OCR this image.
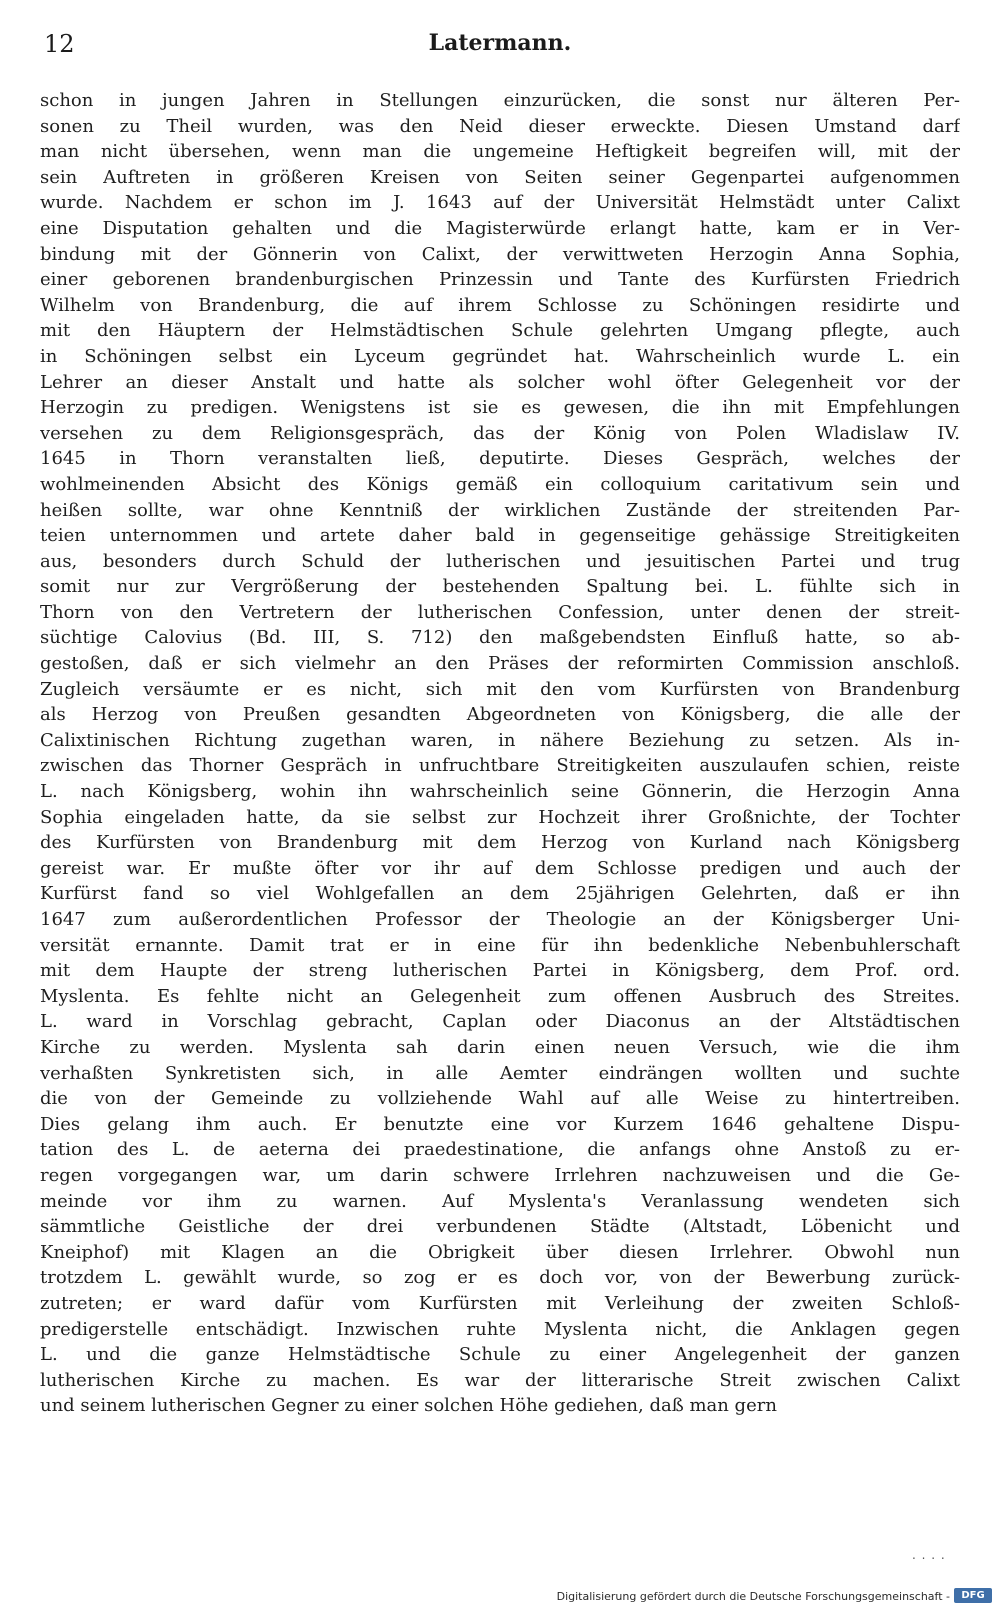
12	Latermann.
schon in jungen Jahren in Stellungen einzurücken, die sonst nur älteren Per-
sonen zu Theil wurden, was den Neid dieser erweckte. Diesen Umstand darf
man nicht übersehen, wenn man die ungemeine Heftigkeit begreifen will, mit der
sein Auftreten in größeren Kreisen von Seiten seiner Gegenpartei aufgenommen
wurde. Nachdem er schon im J. 1643 auf der Universität Helmstädt unter Calixt
eine Disputation gehalten und die Magisterwürde erlangt hatte, kam er in Ver-
bindung mit der Gönnerin von Calixt, der verwittweten Herzogin Anna Sophia,
einer geborenen brandenburgischen Prinzessin und Tante des Kurfürsten Friedrich
Wilhelm von Brandenburg, die auf ihrem Schlosse zu Schöningen residirte und
mit den Häuptern der Helmstädtischen Schule gelehrten Umgang pflegte, auch
in Schöningen selbst ein Lyceum gegründet hat. Wahrscheinlich wurde L. ein
Lehrer an dieser Anstalt und hatte als solcher wohl öfter Gelegenheit vor der
Herzogin zu predigen. Wenigstens ist sie es gewesen, die ihn mit Empfehlungen
versehen zu dem Religionsgespräch, das der König von Polen Wladislaw IV.
1645 in Thorn veranstalten ließ, deputirte. Dieses Gespräch, welches der
wohlmeinenden Absicht des Königs gemäß ein colloquium caritativum sein und
heißen sollte, war ohne Kenntniß der wirklichen Zustände der streitenden Par-
teien unternommen und artete daher bald in gegenseitige gehässige Streitigkeiten
aus, besonders durch Schuld der lutherischen und jesuitischen Partei und trug
somit nur zur Vergrößerung der bestehenden Spaltung bei. L. fühlte sich in
Thorn von den Vertretern der lutherischen Confession, unter denen der streit-
süchtige Calovius (Bd. III, S. 712) den maßgebendsten Einfluß hatte, so ab-
gestoßen, daß er sich vielmehr an den Präses der reformirten Commission anschloß.
Zugleich versäumte er es nicht, sich mit den vom Kurfürsten von Brandenburg
als Herzog von Preußen gesandten Abgeordneten von Königsberg, die alle der
Calixtinischen Richtung zugethan waren, in nähere Beziehung zu setzen. Als in-
zwischen das Thorner Gespräch in unfruchtbare Streitigkeiten auszulaufen schien, reiste
L. nach Königsberg, wohin ihn wahrscheinlich seine Gönnerin, die Herzogin Anna
Sophia eingeladen hatte, da sie selbst zur Hochzeit ihrer Großnichte, der Tochter
des Kurfürsten von Brandenburg mit dem Herzog von Kurland nach Königsberg
gereist war. Er mußte öfter vor ihr auf dem Schlosse predigen und auch der
Kurfürst fand so viel Wohlgefallen an dem 25jährigen Gelehrten, daß er ihn
1647 zum außerordentlichen Professor der Theologie an der Königsberger Uni-
versität ernannte. Damit trat er in eine für ihn bedenkliche Nebenbuhlerschaft
mit dem Haupte der streng lutherischen Partei in Königsberg, dem Prof. ord.
Myslenta. Es fehlte nicht an Gelegenheit zum offenen Ausbruch des Streites.
L. ward in Vorschlag gebracht, Caplan oder Diaconus an der Altstädtischen
Kirche zu werden. Myslenta sah darin einen neuen Versuch, wie die ihm
verhaßten Synkretisten sich, in alle Aemter eindrängen wollten und suchte
die von der Gemeinde zu vollziehende Wahl auf alle Weise zu hintertreiben.
Dies gelang ihm auch. Er benutzte eine vor Kurzem 1646 gehaltene Dispu-
tation des L. de aeterna dei praedestinatione, die anfangs ohne Anstoß zu er-
regen vorgegangen war, um darin schwere Irrlehren nachzuweisen und die Ge-
meinde vor ihm zu warnen. Auf Myslenta's Veranlassung wendeten sich
sämmtliche Geistliche der drei verbundenen Städte (Altstadt, Löbenicht und
Kneiphof) mit Klagen an die Obrigkeit über diesen Irrlehrer. Obwohl nun
trotzdem L. gewählt wurde, so zog er es doch vor, von der Bewerbung zurück-
zutreten; er ward dafür vom Kurfürsten mit Verleihung der zweiten Schloß-
predigerstelle entschädigt. Inzwischen ruhte Myslenta nicht, die Anklagen gegen
L. und die ganze Helmstädtische Schule zu einer Angelegenheit der ganzen
lutherischen Kirche zu machen. Es war der litterarische Streit zwischen Calixt
und seinem lutherischen Gegner zu einer solchen Höhe gediehen, daß man gern
. . . .
Digitalisierung gefördert durch die Deutsche Forschungsgemeinschaft -	DFG
